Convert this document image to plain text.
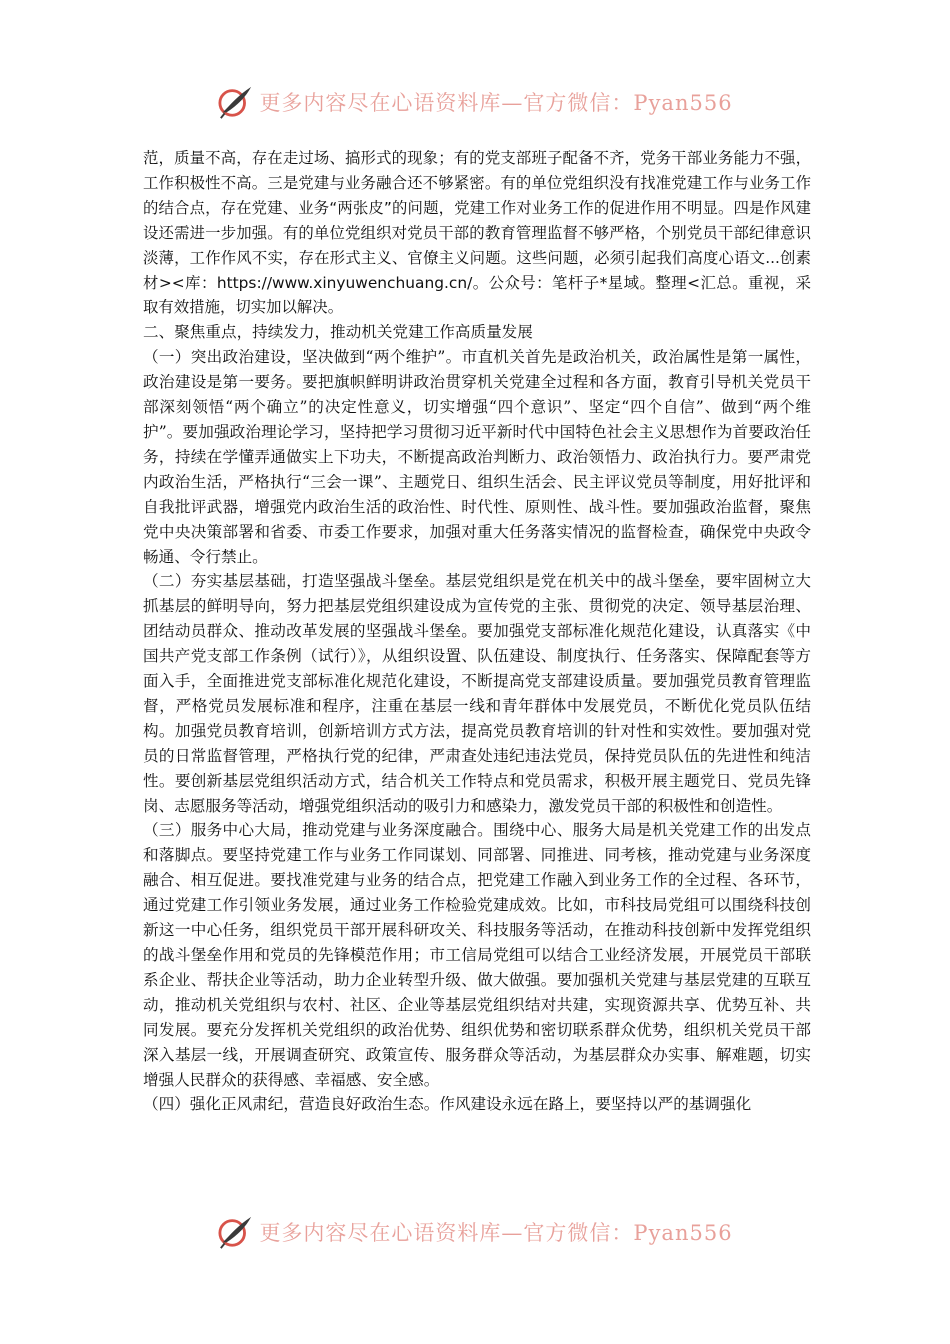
更多内容尽在心语资料库—官方微信：Pyan556

范，质量不高，存在走过场、搞形式的现象；有的党支部班子配备不齐，党务干部业务能力不强，工作积极性不高。三是党建与业务融合还不够紧密。有的单位党组织没有找准党建工作与业务工作的结合点，存在党建、业务“两张皮”的问题，党建工作对业务工作的促进作用不明显。四是作风建设还需进一步加强。有的单位党组织对党员干部的教育管理监督不够严格，个别党员干部纪律意识淡薄，工作作风不实，存在形式主义、官僚主义问题。这些问题，必须引起我们高度心语文...创素材><库：https://www.xinyuwenchuang.cn/。公众号：笔杆子*星域。整理<汇总。重视，采取有效措施，切实加以解决。

二、聚焦重点，持续发力，推动机关党建工作高质量发展

（一）突出政治建设，坚决做到“两个维护”。市直机关首先是政治机关，政治属性是第一属性，政治建设是第一要务。要把旗帜鲜明讲政治贯穿机关党建全过程和各方面，教育引导机关党员干部深刻领悟“两个确立”的决定性意义，切实增强“四个意识”、坚定“四个自信”、做到“两个维护”。要加强政治理论学习，坚持把学习贯彻习近平新时代中国特色社会主义思想作为首要政治任务，持续在学懂弄通做实上下功夫，不断提高政治判断力、政治领悟力、政治执行力。要严肃党内政治生活，严格执行“三会一课”、主题党日、组织生活会、民主评议党员等制度，用好批评和自我批评武器，增强党内政治生活的政治性、时代性、原则性、战斗性。要加强政治监督，聚焦党中央决策部署和省委、市委工作要求，加强对重大任务落实情况的监督检查，确保党中央政令畅通、令行禁止。

（二）夯实基层基础，打造坚强战斗堡垒。基层党组织是党在机关中的战斗堡垒，要牢固树立大抓基层的鲜明导向，努力把基层党组织建设成为宣传党的主张、贯彻党的决定、领导基层治理、团结动员群众、推动改革发展的坚强战斗堡垒。要加强党支部标准化规范化建设，认真落实《中国共产党支部工作条例（试行）》，从组织设置、队伍建设、制度执行、任务落实、保障配套等方面入手，全面推进党支部标准化规范化建设，不断提高党支部建设质量。要加强党员教育管理监督，严格党员发展标准和程序，注重在基层一线和青年群体中发展党员，不断优化党员队伍结构。加强党员教育培训，创新培训方式方法，提高党员教育培训的针对性和实效性。要加强对党员的日常监督管理，严格执行党的纪律，严肃查处违纪违法党员，保持党员队伍的先进性和纯洁性。要创新基层党组织活动方式，结合机关工作特点和党员需求，积极开展主题党日、党员先锋岗、志愿服务等活动，增强党组织活动的吸引力和感染力，激发党员干部的积极性和创造性。

（三）服务中心大局，推动党建与业务深度融合。围绕中心、服务大局是机关党建工作的出发点和落脚点。要坚持党建工作与业务工作同谋划、同部署、同推进、同考核，推动党建与业务深度融合、相互促进。要找准党建与业务的结合点，把党建工作融入到业务工作的全过程、各环节，通过党建工作引领业务发展，通过业务工作检验党建成效。比如，市科技局党组可以围绕科技创新这一中心任务，组织党员干部开展科研攻关、科技服务等活动，在推动科技创新中发挥党组织的战斗堡垒作用和党员的先锋模范作用；市工信局党组可以结合工业经济发展，开展党员干部联系企业、帮扶企业等活动，助力企业转型升级、做大做强。要加强机关党建与基层党建的互联互动，推动机关党组织与农村、社区、企业等基层党组织结对共建，实现资源共享、优势互补、共同发展。要充分发挥机关党组织的政治优势、组织优势和密切联系群众优势，组织机关党员干部深入基层一线，开展调查研究、政策宣传、服务群众等活动，为基层群众办实事、解难题，切实增强人民群众的获得感、幸福感、安全感。

（四）强化正风肃纪，营造良好政治生态。作风建设永远在路上，要坚持以严的基调强化

更多内容尽在心语资料库—官方微信：Pyan556
